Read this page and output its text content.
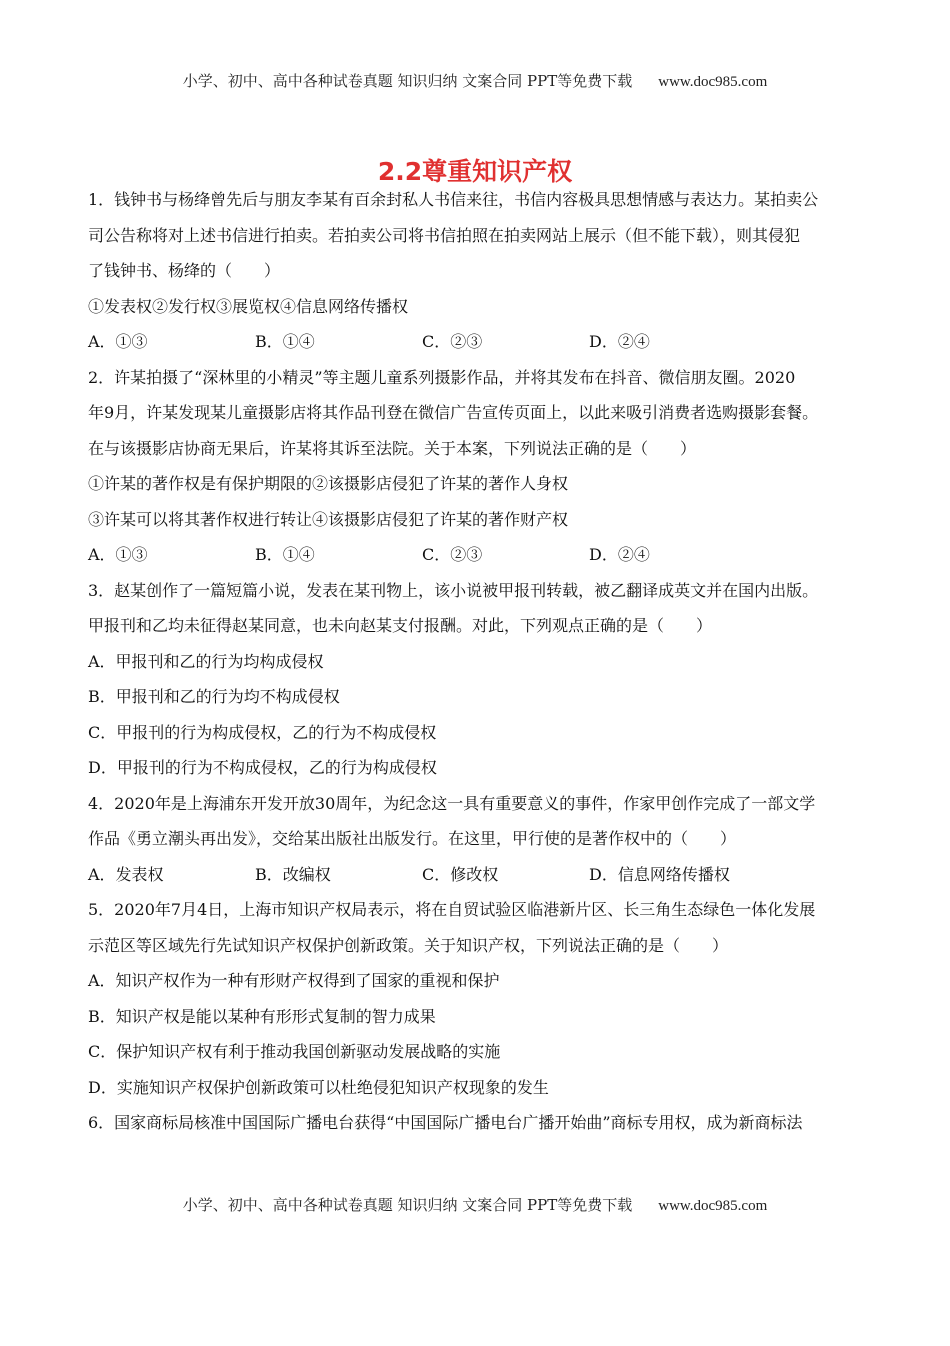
小学、初中、高中各种试卷真题 知识归纳 文案合同 PPT等免费下载 www.doc985.com
2.2尊重知识产权
1．钱钟书与杨绛曾先后与朋友李某有百余封私人书信来往，书信内容极具思想情感与表达力。某拍卖公
司公告称将对上述书信进行拍卖。若拍卖公司将书信拍照在拍卖网站上展示（但不能下载），则其侵犯
了钱钟书、杨绛的（　　）
①发表权②发行权③展览权④信息网络传播权
A．①③	B．①④	C．②③	D．②④
2．许某拍摄了“深林里的小精灵”等主题儿童系列摄影作品，并将其发布在抖音、微信朋友圈。2020
年9月，许某发现某儿童摄影店将其作品刊登在微信广告宣传页面上，以此来吸引消费者选购摄影套餐。
在与该摄影店协商无果后，许某将其诉至法院。关于本案，下列说法正确的是（　　）
①许某的著作权是有保护期限的②该摄影店侵犯了许某的著作人身权
③许某可以将其著作权进行转让④该摄影店侵犯了许某的著作财产权
A．①③	B．①④	C．②③	D．②④
3．赵某创作了一篇短篇小说，发表在某刊物上，该小说被甲报刊转载，被乙翻译成英文并在国内出版。
甲报刊和乙均未征得赵某同意，也未向赵某支付报酬。对此，下列观点正确的是（　　）
A．甲报刊和乙的行为均构成侵权
B．甲报刊和乙的行为均不构成侵权
C．甲报刊的行为构成侵权，乙的行为不构成侵权
D．甲报刊的行为不构成侵权，乙的行为构成侵权
4．2020年是上海浦东开发开放30周年，为纪念这一具有重要意义的事件，作家甲创作完成了一部文学
作品《勇立潮头再出发》，交给某出版社出版发行。在这里，甲行使的是著作权中的（　　）
A．发表权	B．改编权	C．修改权	D．信息网络传播权
5．2020年7月4日，上海市知识产权局表示，将在自贸试验区临港新片区、长三角生态绿色一体化发展
示范区等区域先行先试知识产权保护创新政策。关于知识产权，下列说法正确的是（　　）
A．知识产权作为一种有形财产权得到了国家的重视和保护
B．知识产权是能以某种有形形式复制的智力成果
C．保护知识产权有利于推动我国创新驱动发展战略的实施
D．实施知识产权保护创新政策可以杜绝侵犯知识产权现象的发生
6．国家商标局核准中国国际广播电台获得“中国国际广播电台广播开始曲”商标专用权，成为新商标法
小学、初中、高中各种试卷真题 知识归纳 文案合同 PPT等免费下载 www.doc985.com
